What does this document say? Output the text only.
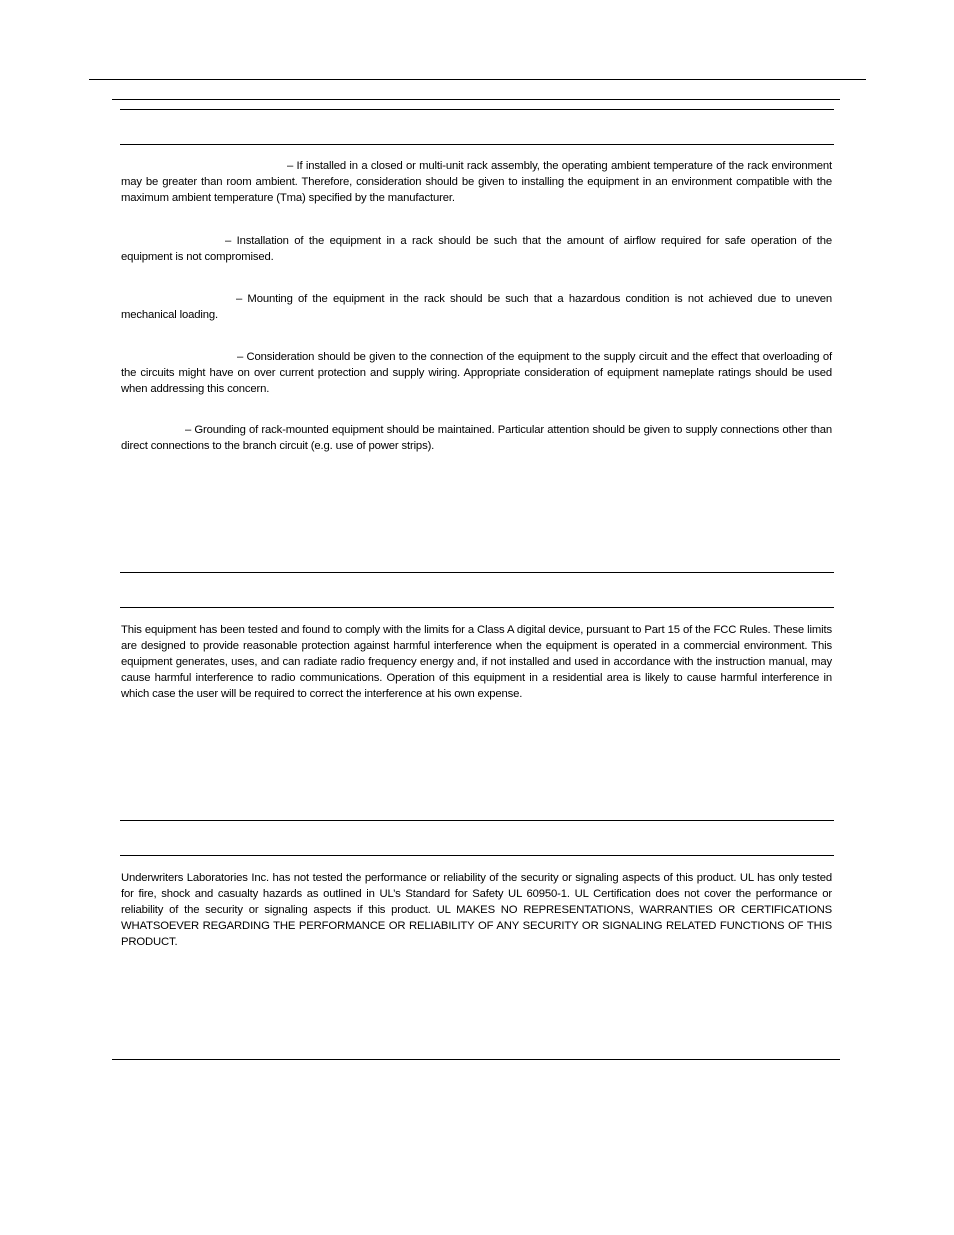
– If installed in a closed or multi-unit rack assembly, the operating ambient temperature of the rack environment may be greater than room ambient. Therefore, consideration should be given to installing the equipment in an environment compatible with the maximum ambient temperature (Tma) specified by the manufacturer.

– Installation of the equipment in a rack should be such that the amount of airflow required for safe operation of the equipment is not compromised.

– Mounting of the equipment in the rack should be such that a hazardous condition is not achieved due to uneven mechanical loading.

– Consideration should be given to the connection of the equipment to the supply circuit and the effect that overloading of the circuits might have on over current protection and supply wiring. Appropriate consideration of equipment nameplate ratings should be used when addressing this concern.

– Grounding of rack-mounted equipment should be maintained. Particular attention should be given to supply connections other than direct connections to the branch circuit (e.g. use of power strips).

This equipment has been tested and found to comply with the limits for a Class A digital device, pursuant to Part 15 of the FCC Rules. These limits are designed to provide reasonable protection against harmful interference when the equipment is operated in a commercial environment. This equipment generates, uses, and can radiate radio frequency energy and, if not installed and used in accordance with the instruction manual, may cause harmful interference to radio communications. Operation of this equipment in a residential area is likely to cause harmful interference in which case the user will be required to correct the interference at his own expense.

Underwriters Laboratories Inc. has not tested the performance or reliability of the security or signaling aspects of this product. UL has only tested for fire, shock and casualty hazards as outlined in UL’s Standard for Safety UL 60950-1. UL Certification does not cover the performance or reliability of the security or signaling aspects if this product. UL MAKES NO REPRESENTATIONS, WARRANTIES OR CERTIFICATIONS WHATSOEVER REGARDING THE PERFORMANCE OR RELIABILITY OF ANY SECURITY OR SIGNALING RELATED FUNCTIONS OF THIS PRODUCT.
